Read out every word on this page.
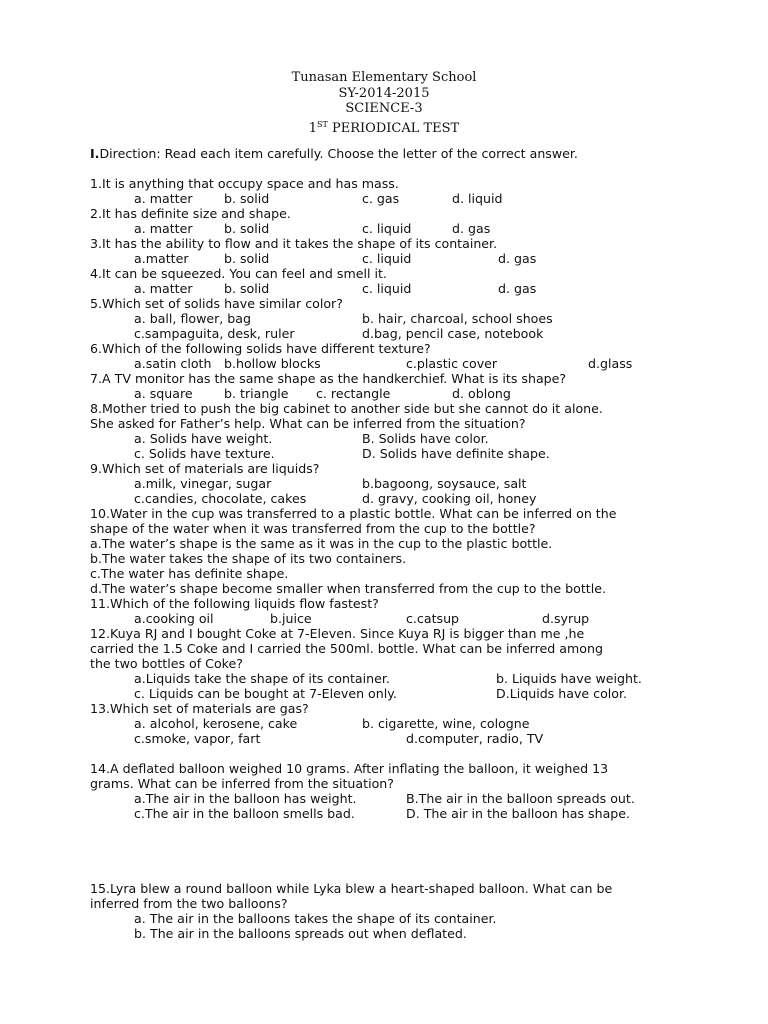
Tunasan Elementary School
SY-2014-2015
SCIENCE-3
1ST PERIODICAL TEST
I.Direction: Read each item carefully. Choose the letter of the correct answer.
1.It is anything that occupy space and has mass.
a. matter b. solid	c. gas	d. liquid
2.It has definite size and shape.
a. matter b. solid	c. liquid	d. gas
3.It has the ability to flow and it takes the shape of its container.
a.matter	b. solid	c. liquid	d. gas
4.It can be squeezed. You can feel and smell it.
a. matter b. solid	c. liquid	d. gas
5.Which set of solids have similar color?
a. ball, flower, bag	b. hair, charcoal, school shoes
c.sampaguita, desk, ruler	d.bag, pencil case, notebook
6.Which of the following solids have different texture?
a.satin cloth b.hollow blocks	c.plastic cover	d.glass
7.A TV monitor has the same shape as the handkerchief. What is its shape?
a. square b. triangle c. rectangle	d. oblong
8.Mother tried to push the big cabinet to another side but she cannot do it alone.
She asked for Father’s help. What can be inferred from the situation?
a. Solids have weight.	B. Solids have color.
c. Solids have texture.	D. Solids have definite shape.
9.Which set of materials are liquids?
a.milk, vinegar, sugar	b.bagoong, soysauce, salt
c.candies, chocolate, cakes	d. gravy, cooking oil, honey
10.Water in the cup was transferred to a plastic bottle. What can be inferred on the
shape of the water when it was transferred from the cup to the bottle?
a.The water’s shape is the same as it was in the cup to the plastic bottle.
b.The water takes the shape of its two containers.
c.The water has definite shape.
d.The water’s shape become smaller when transferred from the cup to the bottle.
11.Which of the following liquids flow fastest?
a.cooking oil	b.juice	c.catsup	d.syrup
12.Kuya RJ and I bought Coke at 7-Eleven. Since Kuya RJ is bigger than me ,he
carried the 1.5 Coke and I carried the 500ml. bottle. What can be inferred among
the two bottles of Coke?
a.Liquids take the shape of its container.	b. Liquids have weight.
c. Liquids can be bought at 7-Eleven only.	D.Liquids have color.
13.Which set of materials are gas?
a. alcohol, kerosene, cake	b. cigarette, wine, cologne
c.smoke, vapor, fart	d.computer, radio, TV
14.A deflated balloon weighed 10 grams. After inflating the balloon, it weighed 13
grams. What can be inferred from the situation?
a.The air in the balloon has weight.	B.The air in the balloon spreads out.
c.The air in the balloon smells bad.	D. The air in the balloon has shape.
15.Lyra blew a round balloon while Lyka blew a heart-shaped balloon. What can be
inferred from the two balloons?
a. The air in the balloons takes the shape of its container.
b. The air in the balloons spreads out when deflated.
